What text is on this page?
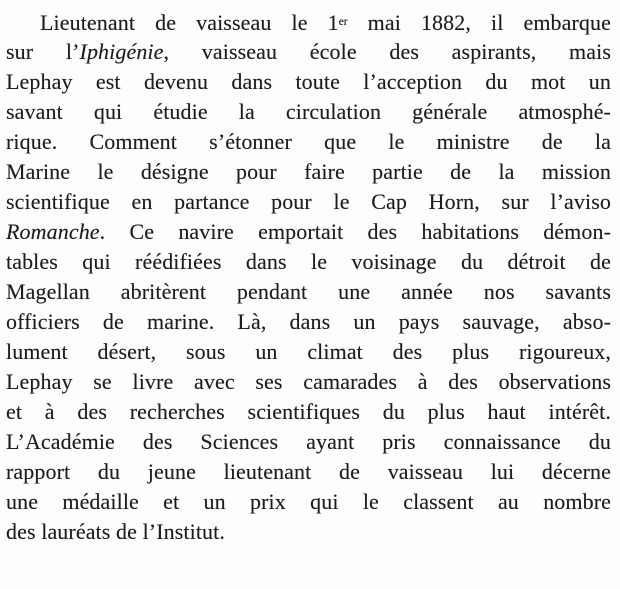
Lieutenant de vaisseau le 1er mai 1882, il embarque
sur l’Iphigénie, vaisseau école des aspirants, mais
Lephay est devenu dans toute l’acception du mot un
savant qui étudie la circulation générale atmosphé-
rique. Comment s’étonner que le ministre de la
Marine le désigne pour faire partie de la mission
scientifique en partance pour le Cap Horn, sur l’aviso
Romanche. Ce navire emportait des habitations démon-
tables qui réédifiées dans le voisinage du détroit de
Magellan abritèrent pendant une année nos savants
officiers de marine. Là, dans un pays sauvage, abso-
lument désert, sous un climat des plus rigoureux,
Lephay se livre avec ses camarades à des observations
et à des recherches scientifiques du plus haut intérêt.
L’Académie des Sciences ayant pris connaissance du
rapport du jeune lieutenant de vaisseau lui décerne
une médaille et un prix qui le classent au nombre
des lauréats de l’Institut.
